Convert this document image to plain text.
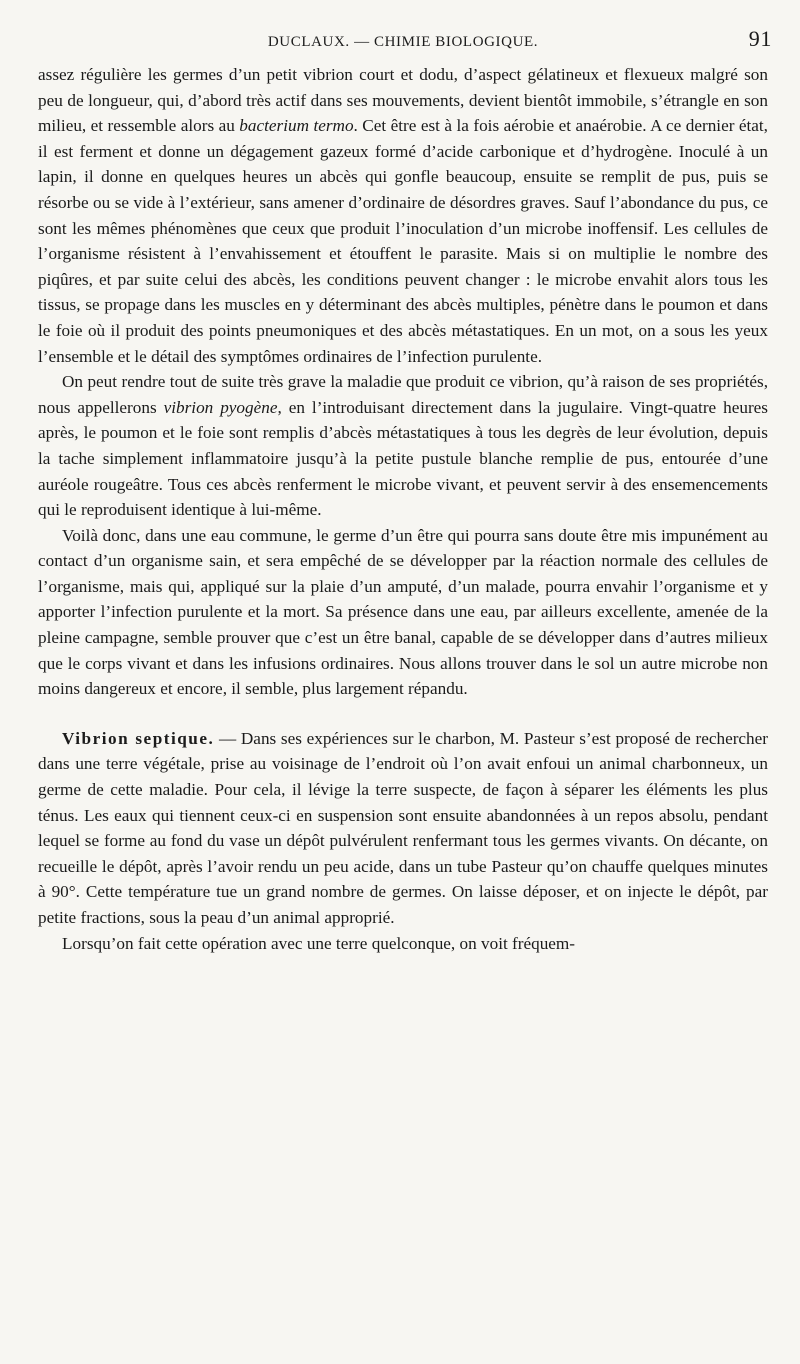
DUCLAUX. — CHIMIE BIOLOGIQUE.	91

assez régulière les germes d’un petit vibrion court et dodu, d’aspect gélatineux et flexueux malgré son peu de longueur, qui, d’abord très actif dans ses mouvements, devient bientôt immobile, s’étrangle en son milieu, et ressemble alors au bacterium termo. Cet être est à la fois aérobie et anaérobie. A ce dernier état, il est ferment et donne un dégagement gazeux formé d’acide carbonique et d’hydrogène. Inoculé à un lapin, il donne en quelques heures un abcès qui gonfle beaucoup, ensuite se remplit de pus, puis se résorbe ou se vide à l’extérieur, sans amener d’ordinaire de désordres graves. Sauf l’abondance du pus, ce sont les mêmes phénomènes que ceux que produit l’inoculation d’un microbe inoffensif. Les cellules de l’organisme résistent à l’envahissement et étouffent le parasite. Mais si on multiplie le nombre des piqûres, et par suite celui des abcès, les conditions peuvent changer : le microbe envahit alors tous les tissus, se propage dans les muscles en y déterminant des abcès multiples, pénètre dans le poumon et dans le foie où il produit des points pneumoniques et des abcès métastatiques. En un mot, on a sous les yeux l’ensemble et le détail des symptômes ordinaires de l’infection purulente.

On peut rendre tout de suite très grave la maladie que produit ce vibrion, qu’à raison de ses propriétés, nous appellerons vibrion pyogène, en l’introduisant directement dans la jugulaire. Vingt-quatre heures après, le poumon et le foie sont remplis d’abcès métastatiques à tous les degrès de leur évolution, depuis la tache simplement inflammatoire jusqu’à la petite pustule blanche remplie de pus, entourée d’une auréole rougeâtre. Tous ces abcès renferment le microbe vivant, et peuvent servir à des ensemencements qui le reproduisent identique à lui-même.

Voilà donc, dans une eau commune, le germe d’un être qui pourra sans doute être mis impunément au contact d’un organisme sain, et sera empêché de se développer par la réaction normale des cellules de l’organisme, mais qui, appliqué sur la plaie d’un amputé, d’un malade, pourra envahir l’organisme et y apporter l’infection purulente et la mort. Sa présence dans une eau, par ailleurs excellente, amenée de la pleine campagne, semble prouver que c’est un être banal, capable de se développer dans d’autres milieux que le corps vivant et dans les infusions ordinaires. Nous allons trouver dans le sol un autre microbe non moins dangereux et encore, il semble, plus largement répandu.

Vibrion septique. — Dans ses expériences sur le charbon, M. Pasteur s’est proposé de rechercher dans une terre végétale, prise au voisinage de l’endroit où l’on avait enfoui un animal charbonneux, un germe de cette maladie. Pour cela, il lévige la terre suspecte, de façon à séparer les éléments les plus ténus. Les eaux qui tiennent ceux-ci en suspension sont ensuite abandonnées à un repos absolu, pendant lequel se forme au fond du vase un dépôt pulvérulent renfermant tous les germes vivants. On décante, on recueille le dépôt, après l’avoir rendu un peu acide, dans un tube Pasteur qu’on chauffe quelques minutes à 90°. Cette température tue un grand nombre de germes. On laisse déposer, et on injecte le dépôt, par petite fractions, sous la peau d’un animal approprié.

Lorsqu’on fait cette opération avec une terre quelconque, on voit fréquem-
